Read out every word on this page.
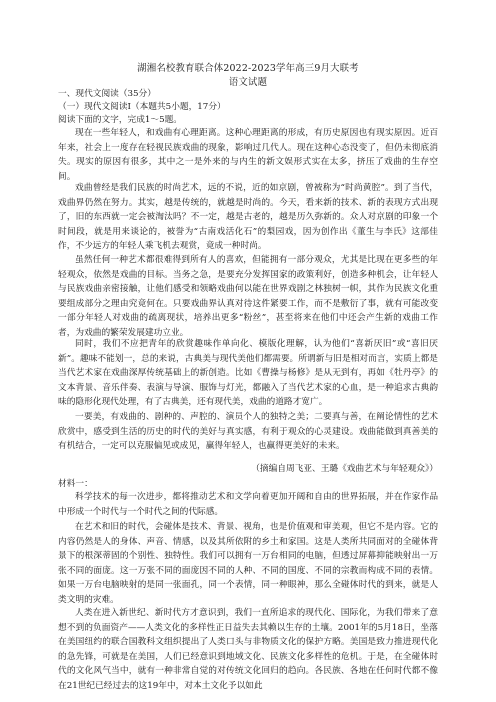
湖湘名校教育联合体2022-2023学年高三9月大联考
语文试题
一、现代文阅读（35分）
（一）现代文阅读Ⅰ（本题共5小题，17分）
阅读下面的文字，完成1～5题。

现在一些年轻人，和戏曲有心理距离。这种心理距离的形成，有历史原因也有现实原因。近百年来，社会上一度存在轻视民族戏曲的现象，影响过几代人。现在这种心态没变了，但仍未彻底消失。现实的原因有很多，其中之一是外来的与内生的新文娱形式实在太多，挤压了戏曲的生存空间。

戏曲曾经是我们民族的时尚艺术，远的不说，近的如京剧，曾被称为“时尚黄腔”。到了当代，戏曲界仍然在努力。其实，越是传统的，就越是时尚的。今天，看来新的技术、新的表现方式出现了，旧的东西就一定会被淘汰吗？不一定，越是古老的，越是历久弥新的。众人对京剧的印象一个时间段，就是用来谈论的，被誉为“古南戏活化石”的梨园戏，因为创作出《董生与李氏》这部佳作，不少远方的年轻人乘飞机去观赏，竟成一种时尚。

虽然任何一种艺术都很难得到所有人的喜欢，但能拥有一部分观众，尤其是比现在更多些的年轻观众，依然是戏曲的目标。当务之急，是要充分发挥国家的政策利好，创造多种机会，让年轻人与民族戏曲亲密接触，让他们感受和领略戏曲何以能在世界戏剧之林独树一帜，其作为民族文化重要组成部分之理由究竟何在。只要戏曲界认真对待这件紧要工作，而不是敷衍了事，就有可能改变一部分年轻人对戏曲的疏离现状，培养出更多“粉丝”，甚至将来在他们中还会产生新的戏曲工作者，为戏曲的繁荣发展建功立业。

同时，我们不应把青年的欣赏趣味作单向化、模版化理解，认为他们“喜新厌旧”或“喜旧厌新”。趣味不能划一，总的来说，古典美与现代美他们都需要。所谓新与旧是相对而言，实质上都是当代艺术家在戏曲深厚传统基础上的新创造。比如《曹操与杨修》是从无到有，再如《牡丹亭》的文本背景、音乐伴奏、表演与导演、服饰与灯光，都融入了当代艺术家的心血，是一种追求古典韵味的隐形化现代处理，有了古典美，还有现代美，戏曲的道路才宽广。

一要美，有戏曲的、剧种的、声腔的、演员个人的独特之美；二要真与善，在阐论情性的艺术欣赏中，感受到生活的历史的时代的美好与真实感，有利于观众的心灵建设。戏曲能做到真善美的有机结合，一定可以克服偏见或成见，赢得年轻人，也赢得更美好的未来。

（摘编自周飞亚、王璐《戏曲艺术与年轻观众》）
材料一：

科学技术的每一次进步，都将推动艺术和文学向着更加开阔和自由的世界拓展，并在作家作品中形成一个时代与一个时代之间的代际感。

在艺术和旧的时代，会碰体是技术、背景、视角，也是价值观和审美观，但它不是内容。它的内容仍然是人的身体、声音、情感，以及其所依附的乡土和家国。这是人类所共同面对的全碰体背景下的根深蒂固的个别性、独特性。我们可以拥有一万台相同的电脑，但透过屏幕抑能映射出一万张不同的面庞。这一万张不同的面庞因不同的人种、不同的国度、不同的宗教而构成不同的表情。如果一万台电脑映射的是同一张面孔，同一个表情，同一种眼神，那么全碰体时代的到来，就是人类文明的灾难。

人类在进入新世纪、新时代方才意识到，我们一直所追求的现代化、国际化，为我们带来了意想不到的负面资产——人类文化的多样性正日益失去其赖以生存的土壤。2001年的5月18日，坐落在美国纽约的联合国教科文组织提出了人类口头与非物质文化的保护方略。美国是致力推进现代化的急先锋，可就是在美国，人们已经意识到地域文化、民族文化多样性的危机。于是，在全碰体时代的文化风气当中，就有一种非常自觉的对传统文化回归的趋向。各民族、各地在任何时代都不像在21世纪已经过去的这19年中，对本土文化予以如此
